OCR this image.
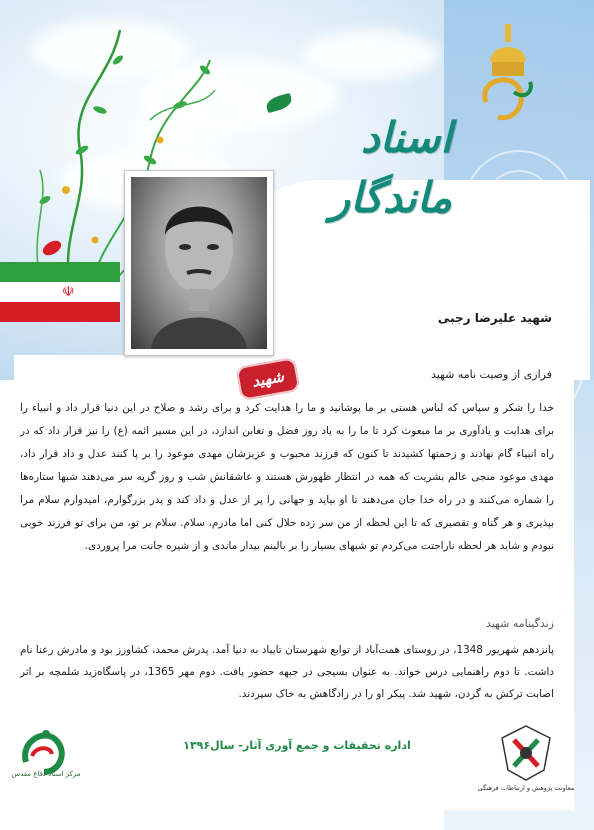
☫
اسناد ماندگار
شهید علیرضا رجبی
شهید	فرازی از وصیت نامه شهید
خدا را شکر و سپاس که لباس هستی بر ما پوشانید و ما را هدایت کرد و برای رشد و صلاح در این دنیا قرار داد و انبیاء را برای هدایت و یادآوری بر ما مبعوث کرد تا ما را به یاد روز فضل و تغابن اندازد، در این مسیر ائمه (ع) را نیز قرار داد که در راه انبیاء گام نهادند و زحمتها کشیدند تا کنون که فرزند محبوب و عزیزشان مهدی موعود را بر پا کنند عدل و داد قرار داد، مهدی موعود منجی عالم بشریت که همه در انتظار ظهورش هستند و عاشقانش شب و روز گریه سر می‌دهند شبها ستاره‌ها را شماره می‌کنند و در راه خدا جان می‌دهند تا او بیاید و جهانی را پر از عدل و داد کند و پدر بزرگوارم، امیدوارم سلام مرا بپذیری و هر گناه و تقصیری که تا این لحظه از من سر زده حلال کنی اما مادرم، سلام. سلام بر تو، من برای تو فرزند خوبی نبودم و شاید هر لحظه ناراحتت می‌کردم تو شبهای بسیار را بر بالینم بیدار ماندی و از شیره جانت مرا پروردی.
زندگینامه شهید
پانزدهم شهریور 1348، در روستای همت‌آباد از توابع شهرستان تایباد به دنیا آمد. پدرش محمد، کشاورز بود و مادرش رعنا نام داشت. تا دوم راهنمایی درس خواند. به عنوان بسیجی در جبهه حضور یافت. دوم مهر 1365، در پاسگاه‌زید شلمچه بر اثر اصابت ترکش به گردن، شهید شد. پیکر او را در زادگاهش به خاک سپردند.
مرکز اسناد دفاع مقدس
اداره تحقیقات و جمع آوری آثار- سال۱۳۹۶
معاونت پژوهش و ارتباطات فرهنگی
